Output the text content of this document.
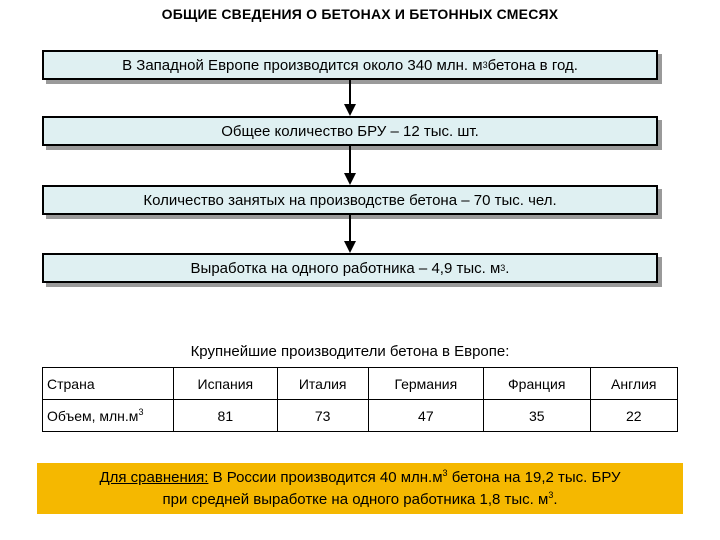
ОБЩИЕ СВЕДЕНИЯ О БЕТОНАХ И БЕТОННЫХ СМЕСЯХ
В Западной Европе производится около 340 млн. м 3 бетона в год.
Общее количество БРУ – 12 тыс. шт.
Количество занятых на производстве бетона – 70 тыс. чел.
Выработка на одного работника – 4,9 тыс. м 3 .
Крупнейшие производители бетона в Европе:
Страна	Испания	Италия	Германия	Франция	Англия
Объем, $млн.м^3$	81	73	47	35	22
Для сравнения: В России производится 40 $млн.м^3$ бетона на 19,2 тыс. БРУ
при средней выработке на одного работника 1,8 тыс. $м^3$.
